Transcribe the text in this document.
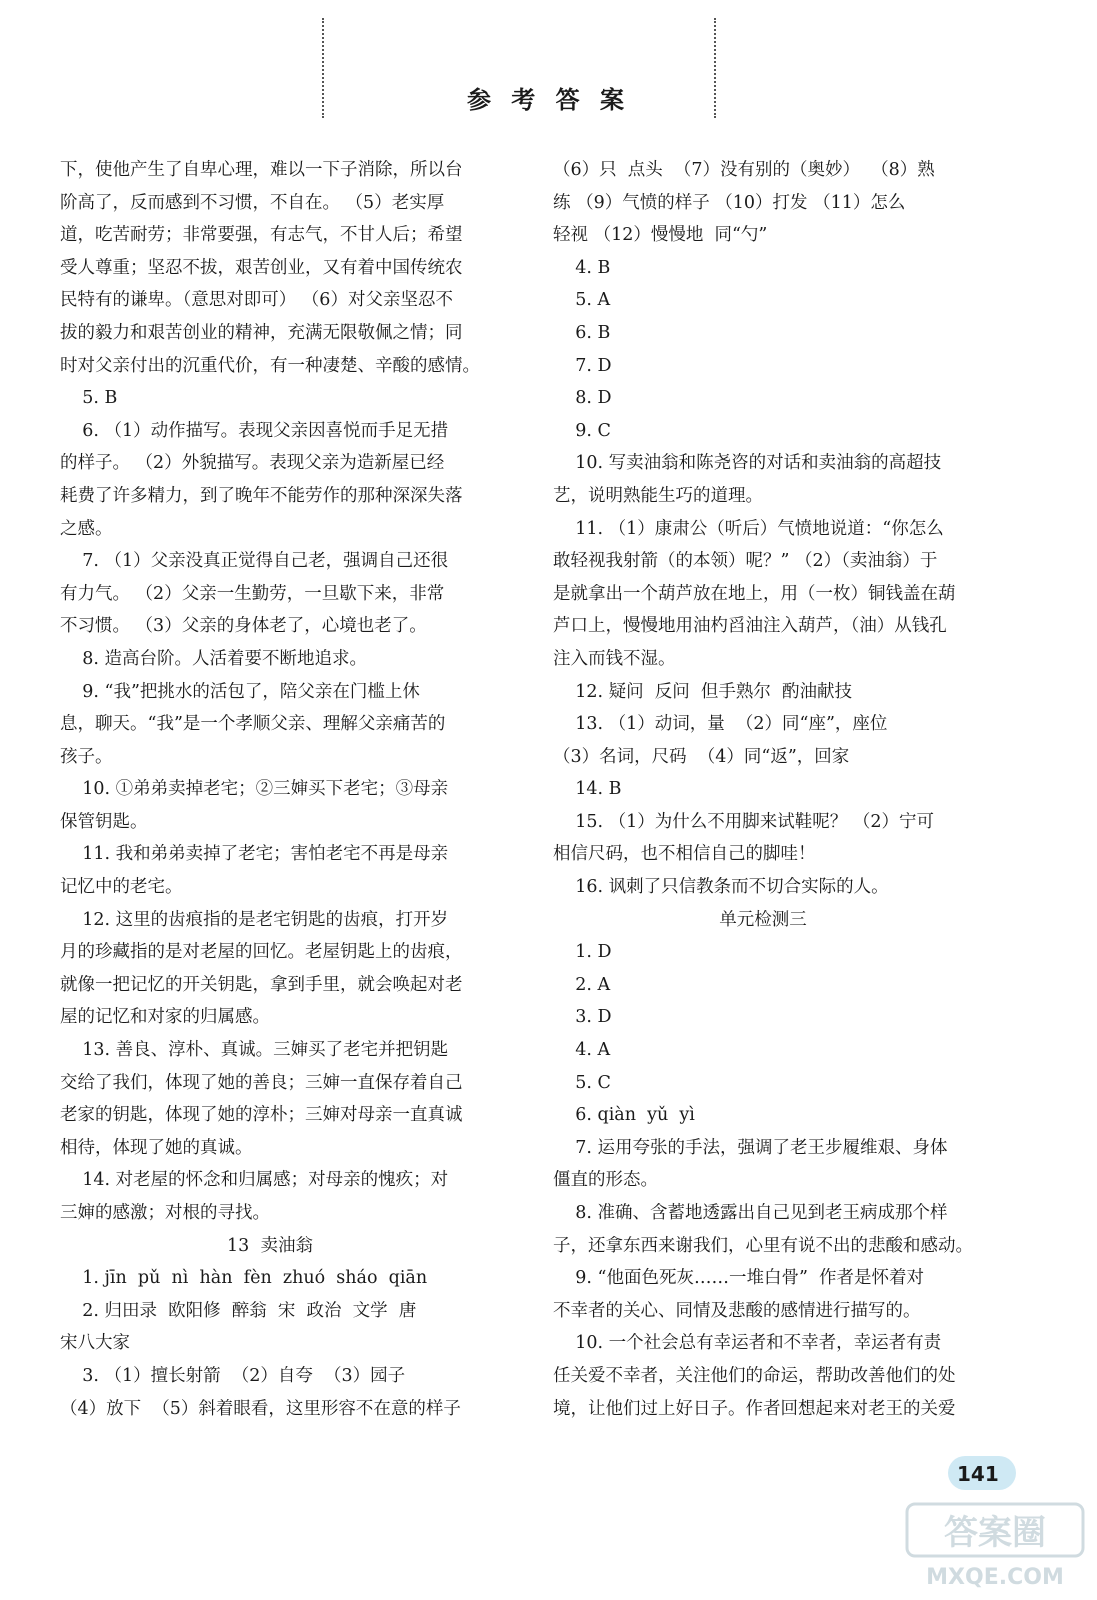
参 考 答 案
下，使他产生了自卑心理，难以一下子消除，所以台
阶高了，反而感到不习惯，不自在。 （5）老实厚
道，吃苦耐劳；非常要强，有志气，不甘人后；希望
受人尊重；坚忍不拔，艰苦创业，又有着中国传统农
民特有的谦卑。（意思对即可） （6）对父亲坚忍不
拔的毅力和艰苦创业的精神，充满无限敬佩之情；同
时对父亲付出的沉重代价，有一种凄楚、辛酸的感情。
5. B
6. （1）动作描写。表现父亲因喜悦而手足无措
的样子。 （2）外貌描写。表现父亲为造新屋已经
耗费了许多精力，到了晚年不能劳作的那种深深失落
之感。
7. （1）父亲没真正觉得自己老，强调自己还很
有力气。 （2）父亲一生勤劳，一旦歇下来，非常
不习惯。 （3）父亲的身体老了，心境也老了。
8. 造高台阶。人活着要不断地追求。
9. “我”把挑水的活包了，陪父亲在门槛上休
息，聊天。“我”是一个孝顺父亲、理解父亲痛苦的
孩子。
10. ①弟弟卖掉老宅；②三婶买下老宅；③母亲
保管钥匙。
11. 我和弟弟卖掉了老宅；害怕老宅不再是母亲
记忆中的老宅。
12. 这里的齿痕指的是老宅钥匙的齿痕，打开岁
月的珍藏指的是对老屋的回忆。老屋钥匙上的齿痕，
就像一把记忆的开关钥匙，拿到手里，就会唤起对老
屋的记忆和对家的归属感。
13. 善良、淳朴、真诚。三婶买了老宅并把钥匙
交给了我们，体现了她的善良；三婶一直保存着自己
老家的钥匙，体现了她的淳朴；三婶对母亲一直真诚
相待，体现了她的真诚。
14. 对老屋的怀念和归属感；对母亲的愧疚；对
三婶的感激；对根的寻找。
13  卖油翁
1. jīn  pǔ  nì  hàn  fèn  zhuó  sháo  qiān
2. 归田录  欧阳修  醉翁  宋  政治  文学  唐
宋八大家
3. （1）擅长射箭  （2）自夸  （3）园子
（4）放下  （5）斜着眼看，这里形容不在意的样子
（6）只  点头  （7）没有别的（奥妙）  （8）熟
练 （9）气愤的样子 （10）打发 （11）怎么
轻视 （12）慢慢地  同“勺”
4. B
5. A
6. B
7. D
8. D
9. C
10. 写卖油翁和陈尧咨的对话和卖油翁的高超技
艺，说明熟能生巧的道理。
11. （1）康肃公（听后）气愤地说道：“你怎么
敢轻视我射箭（的本领）呢？” （2）（卖油翁）于
是就拿出一个葫芦放在地上，用（一枚）铜钱盖在葫
芦口上，慢慢地用油杓舀油注入葫芦，（油）从钱孔
注入而钱不湿。
12. 疑问  反问  但手熟尔  酌油献技
13. （1）动词，量  （2）同“座”，座位
（3）名词，尺码  （4）同“返”，回家
14. B
15. （1）为什么不用脚来试鞋呢？ （2）宁可
相信尺码，也不相信自己的脚哇！
16. 讽刺了只信教条而不切合实际的人。
单元检测三
1. D
2. A
3. D
4. A
5. C
6. qiàn  yǔ  yì
7. 运用夸张的手法，强调了老王步履维艰、身体
僵直的形态。
8. 准确、含蓄地透露出自己见到老王病成那个样
子，还拿东西来谢我们，心里有说不出的悲酸和感动。
9. “他面色死灰……一堆白骨”  作者是怀着对
不幸者的关心、同情及悲酸的感情进行描写的。
10. 一个社会总有幸运者和不幸者，幸运者有责
任关爱不幸者，关注他们的命运，帮助改善他们的处
境，让他们过上好日子。作者回想起来对老王的关爱
141
答案圈
MXQE.COM
